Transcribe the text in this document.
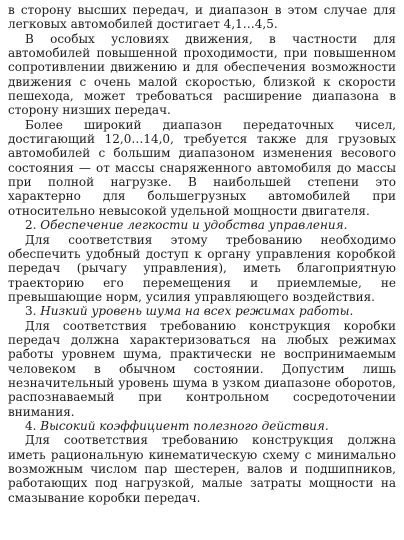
в сторону высших передач, и диапазон в этом случае для легковых автомобилей достигает 4,1…4,5.

В особых условиях движения, в частности для автомобилей повышенной проходимости, при повышенном сопротивлении движению и для обеспечения возможности движения с очень малой скоростью, близкой к скорости пешехода, может требоваться расширение диапазона в сторону низших передач.

Более широкий диапазон передаточных чисел, достигающий 12,0…14,0, требуется также для грузовых автомобилей с большим диапазоном изменения весового состояния — от массы снаряженного автомобиля до массы при полной нагрузке. В наибольшей степени это характерно для большегрузных автомобилей при относительно невысокой удельной мощности двигателя.

2. Обеспечение легкости и удобства управления.

Для соответствия этому требованию необходимо обеспечить удобный доступ к органу управления коробкой передач (рычагу управления), иметь благоприятную траекторию его перемещения и приемлемые, не превышающие норм, усилия управляющего воздействия.

3. Низкий уровень шума на всех режимах работы.

Для соответствия требованию конструкция коробки передач должна характеризоваться на любых режимах работы уровнем шума, практически не воспринимаемым человеком в обычном состоянии. Допустим лишь незначительный уровень шума в узком диапазоне оборотов, распознаваемый при контрольном сосредоточении внимания.

4. Высокий коэффициент полезного действия.

Для соответствия требованию конструкция должна иметь рациональную кинематическую схему с минимально возможным числом пар шестерен, валов и подшипников, работающих под нагрузкой, малые затраты мощности на смазывание коробки передач.
